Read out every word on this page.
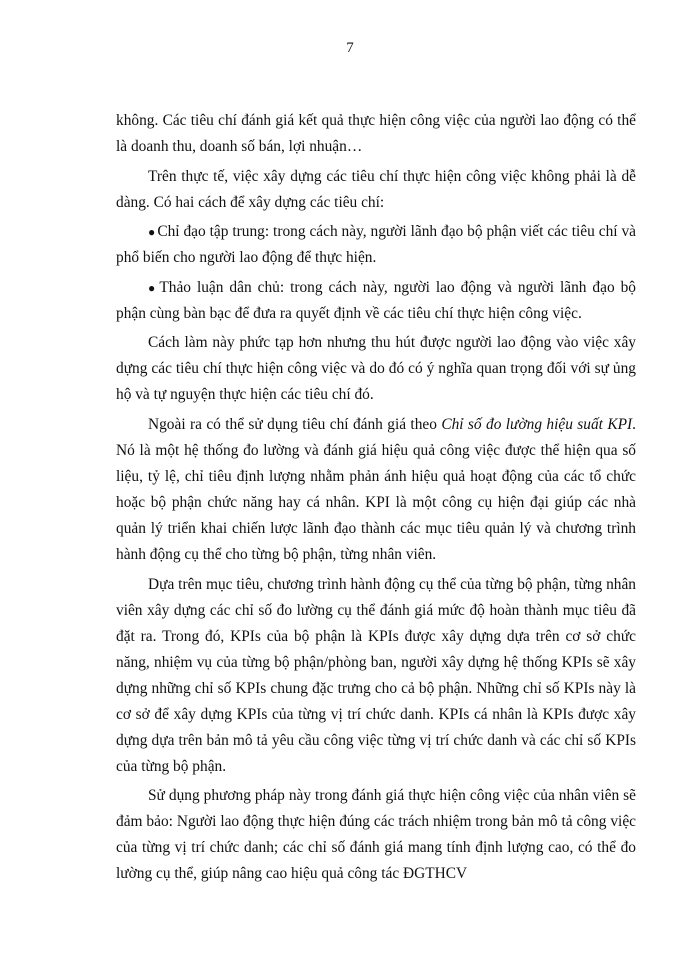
7

không. Các tiêu chí đánh giá kết quả thực hiện công việc của người lao động có thể là doanh thu, doanh số bán, lợi nhuận…

Trên thực tế, việc xây dựng các tiêu chí thực hiện công việc không phải là dễ dàng. Có hai cách để xây dựng các tiêu chí:

● Chỉ đạo tập trung: trong cách này, người lãnh đạo bộ phận viết các tiêu chí và phổ biến cho người lao động để thực hiện.

● Thảo luận dân chủ: trong cách này, người lao động và người lãnh đạo bộ phận cùng bàn bạc để đưa ra quyết định về các tiêu chí thực hiện công việc.

Cách làm này phức tạp hơn nhưng thu hút được người lao động vào việc xây dựng các tiêu chí thực hiện công việc và do đó có ý nghĩa quan trọng đối với sự ủng hộ và tự nguyện thực hiện các tiêu chí đó.

Ngoài ra có thể sử dụng tiêu chí đánh giá theo Chỉ số đo lường hiệu suất KPI. Nó là một hệ thống đo lường và đánh giá hiệu quả công việc được thể hiện qua số liệu, tỷ lệ, chỉ tiêu định lượng nhằm phản ánh hiệu quả hoạt động của các tổ chức hoặc bộ phận chức năng hay cá nhân. KPI là một công cụ hiện đại giúp các nhà quản lý triển khai chiến lược lãnh đạo thành các mục tiêu quản lý và chương trình hành động cụ thể cho từng bộ phận, từng nhân viên.

Dựa trên mục tiêu, chương trình hành động cụ thể của từng bộ phận, từng nhân viên xây dựng các chỉ số đo lường cụ thể đánh giá mức độ hoàn thành mục tiêu đã đặt ra. Trong đó, KPIs của bộ phận là KPIs được xây dựng dựa trên cơ sở chức năng, nhiệm vụ của từng bộ phận/phòng ban, người xây dựng hệ thống KPIs sẽ xây dựng những chỉ số KPIs chung đặc trưng cho cả bộ phận. Những chỉ số KPIs này là cơ sở để xây dựng KPIs của từng vị trí chức danh. KPIs cá nhân là KPIs được xây dựng dựa trên bản mô tả yêu cầu công việc từng vị trí chức danh và các chỉ số KPIs của từng bộ phận.

Sử dụng phương pháp này trong đánh giá thực hiện công việc của nhân viên sẽ đảm bảo: Người lao động thực hiện đúng các trách nhiệm trong bản mô tả công việc của từng vị trí chức danh; các chỉ số đánh giá mang tính định lượng cao, có thể đo lường cụ thể, giúp nâng cao hiệu quả công tác ĐGTHCV
